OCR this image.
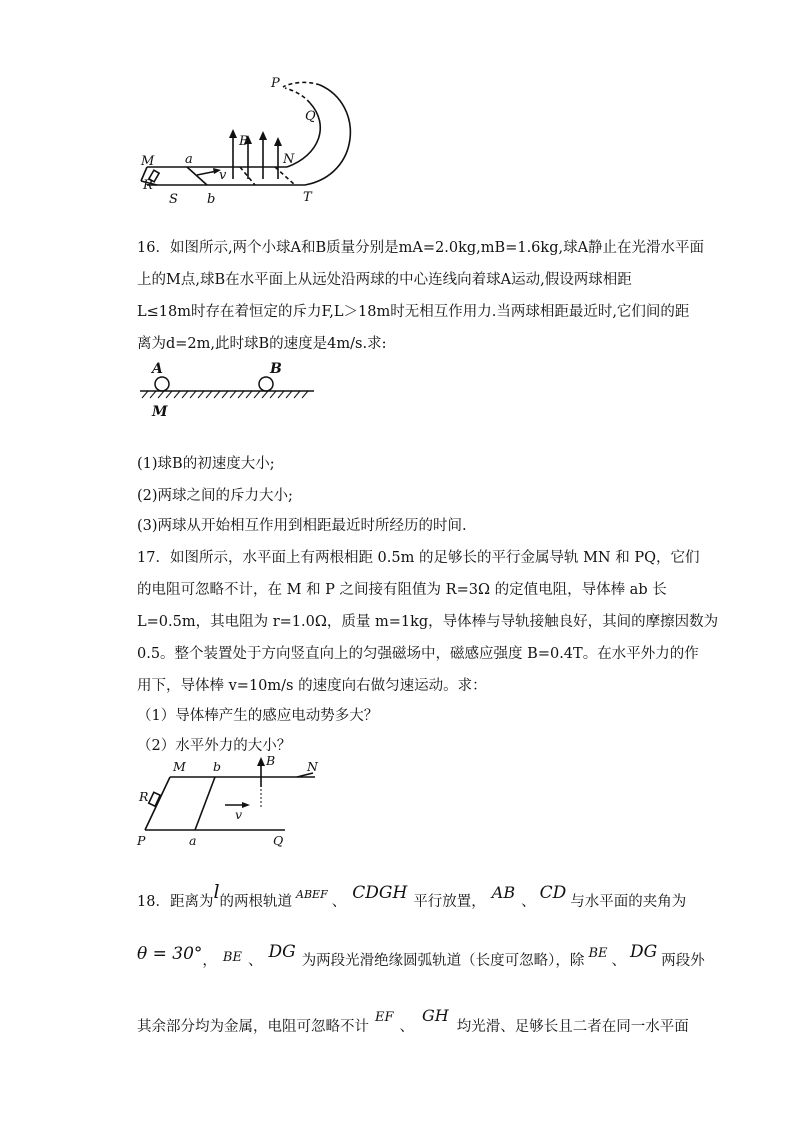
P
Q
M a
B
N
v
R
S b	T
16．如图所示,两个小球A和B质量分别是mA=2.0kg,mB=1.6kg,球A静止在光滑水平面
上的M点,球B在水平面上从远处沿两球的中心连线向着球A运动,假设两球相距
L≤18m时存在着恒定的斥力F,L＞18m时无相互作用力.当两球相距最近时,它们间的距
离为d=2m,此时球B的速度是4m/s.求:
A	B
M
(1)球B的初速度大小;
(2)两球之间的斥力大小;
(3)两球从开始相互作用到相距最近时所经历的时间.
17．如图所示，水平面上有两根相距 0.5m 的足够长的平行金属导轨 MN 和 PQ，它们
的电阻可忽略不计，在 M 和 P 之间接有阻值为 R=3Ω 的定值电阻，导体棒 ab 长
L=0.5m，其电阻为 r=1.0Ω，质量 m=1kg，导体棒与导轨接触良好，其间的摩擦因数为
0.5。整个装置处于方向竖直向上的匀强磁场中，磁感应强度 B=0.4T。在水平外力的作
用下，导体棒 v=10m/s 的速度向右做匀速运动。求：
（1）导体棒产生的感应电动势多大？
（2）水平外力的大小？
M b	B	N
R
v
P	a	Q
18．距离为l的两根轨道 $^{ABEF}$ 、 CDGH 平行放置， AB 、 CD 与水平面的夹角为
θ = 30°， BE 、 DG 为两段光滑绝缘圆弧轨道（长度可忽略），除 BE 、 DG 两段外
其余部分均为金属，电阻可忽略不计EF、GH均光滑、足够长且二者在同一水平面
